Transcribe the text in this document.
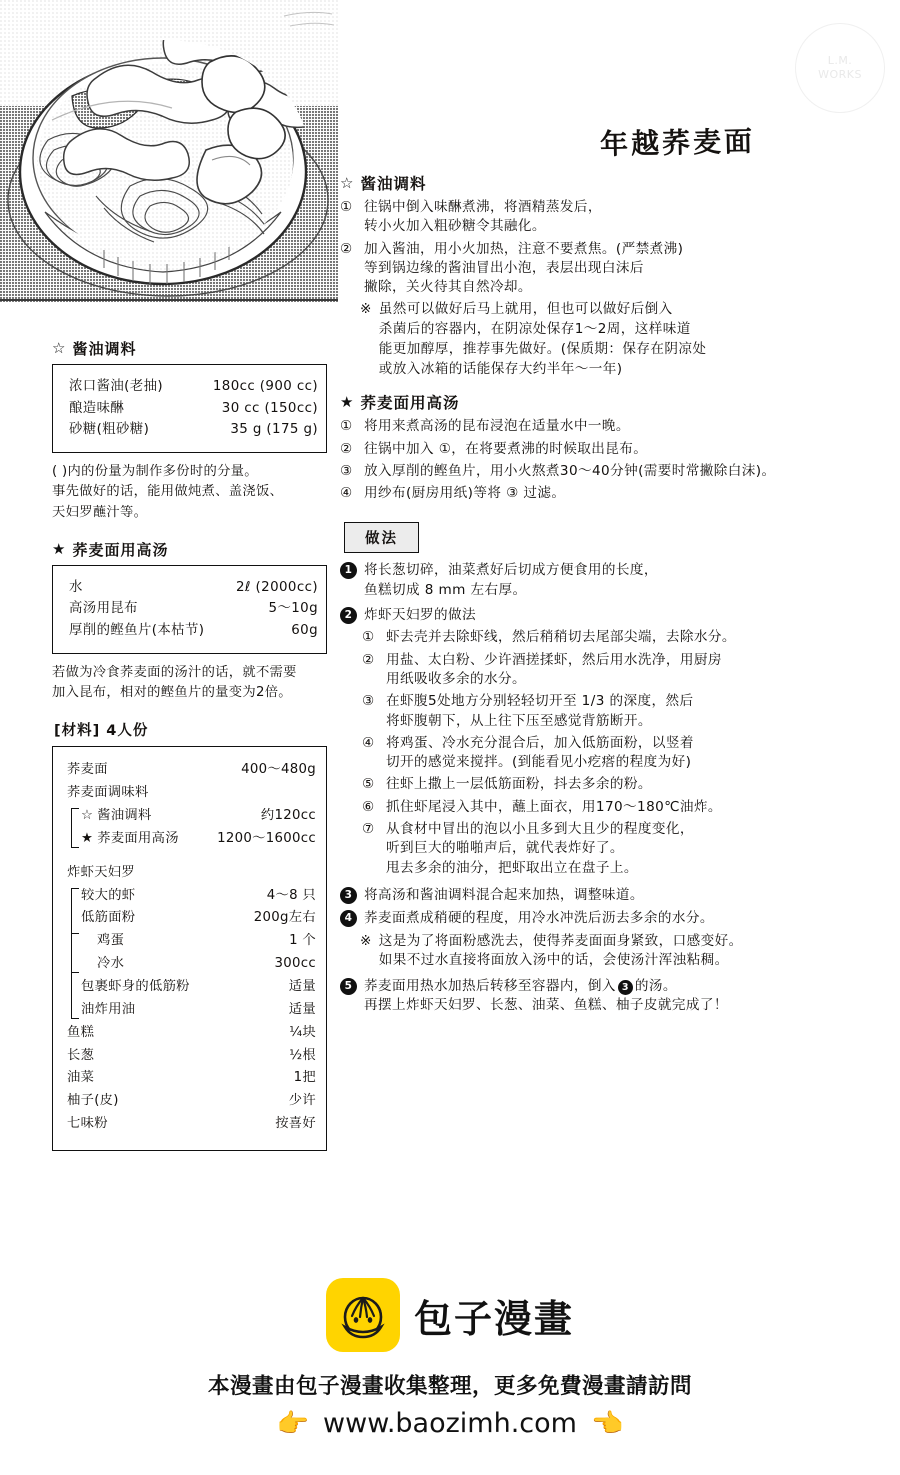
L.M.
WORKS
年越荞麦面
☆ 酱油调料
① 往锅中倒入味醂煮沸，将酒精蒸发后，
转小火加入粗砂糖令其融化。
② 加入酱油，用小火加热，注意不要煮焦。(严禁煮沸)
等到锅边缘的酱油冒出小泡，表层出现白沫后
撇除，关火待其自然冷却。
※ 虽然可以做好后马上就用，但也可以做好后倒入
杀菌后的容器内，在阴凉处保存1～2周，这样味道
能更加醇厚，推荐事先做好。(保质期：保存在阴凉处
或放入冰箱的话能保存大约半年～一年)
★ 荞麦面用高汤
① 将用来煮高汤的昆布浸泡在适量水中一晚。
② 往锅中加入 ①，在将要煮沸的时候取出昆布。
③ 放入厚削的鲣鱼片，用小火熬煮30～40分钟(需要时常撇除白沫)。
④ 用纱布(厨房用纸)等将 ③ 过滤。
做法
1 将长葱切碎，油菜煮好后切成方便食用的长度，
鱼糕切成 8 mm 左右厚。
2 炸虾天妇罗的做法
① 虾去壳并去除虾线，然后稍稍切去尾部尖端，去除水分。
② 用盐、太白粉、少许酒搓揉虾，然后用水洗净，用厨房
用纸吸收多余的水分。
③ 在虾腹5处地方分别轻轻切开至 1/3 的深度，然后
将虾腹朝下，从上往下压至感觉背筋断开。
④ 将鸡蛋、冷水充分混合后，加入低筋面粉，以竖着
切开的感觉来搅拌。(到能看见小疙瘩的程度为好)
⑤ 往虾上撒上一层低筋面粉，抖去多余的粉。
⑥ 抓住虾尾浸入其中，蘸上面衣，用170～180℃油炸。
⑦ 从食材中冒出的泡以小且多到大且少的程度变化，
听到巨大的啪啪声后，就代表炸好了。
甩去多余的油分，把虾取出立在盘子上。
3 将高汤和酱油调料混合起来加热，调整味道。
4 荞麦面煮成稍硬的程度，用冷水冲洗后沥去多余的水分。
※ 这是为了将面粉感洗去，使得荞麦面面身紧致，口感变好。
如果不过水直接将面放入汤中的话，会使汤汁浑浊粘稠。
5 荞麦面用热水加热后转移至容器内，倒入 3 的汤。
再摆上炸虾天妇罗、长葱、油菜、鱼糕、柚子皮就完成了！
☆ 酱油调料
浓口酱油(老抽)	180cc (900 cc)
酿造味醂	30 cc (150cc)
砂糖(粗砂糖)	35 g (175 g)
( )内的份量为制作多份时的分量。
事先做好的话，能用做炖煮、盖浇饭、
天妇罗蘸汁等。
★ 荞麦面用高汤
水	2ℓ (2000cc)
高汤用昆布	5～10g
厚削的鲣鱼片(本枯节)	60g
若做为冷食荞麦面的汤汁的话，就不需要
加入昆布，相对的鲣鱼片的量变为2倍。
[材料] 4人份
荞麦面	400～480g
荞麦面调味料
☆ 酱油调料	约120cc
★ 荞麦面用高汤	1200～1600cc
炸虾天妇罗
较大的虾	4～8 只
低筋面粉	200g左右
鸡蛋	1 个
冷水	300cc
包裹虾身的低筋粉	适量
油炸用油	适量
鱼糕	¼块
长葱	½根
油菜	1把
柚子(皮)	少许
七味粉	按喜好
包子漫畫
本漫畫由包子漫畫收集整理，更多免費漫畫請訪問
👉 www.baozimh.com 👈
